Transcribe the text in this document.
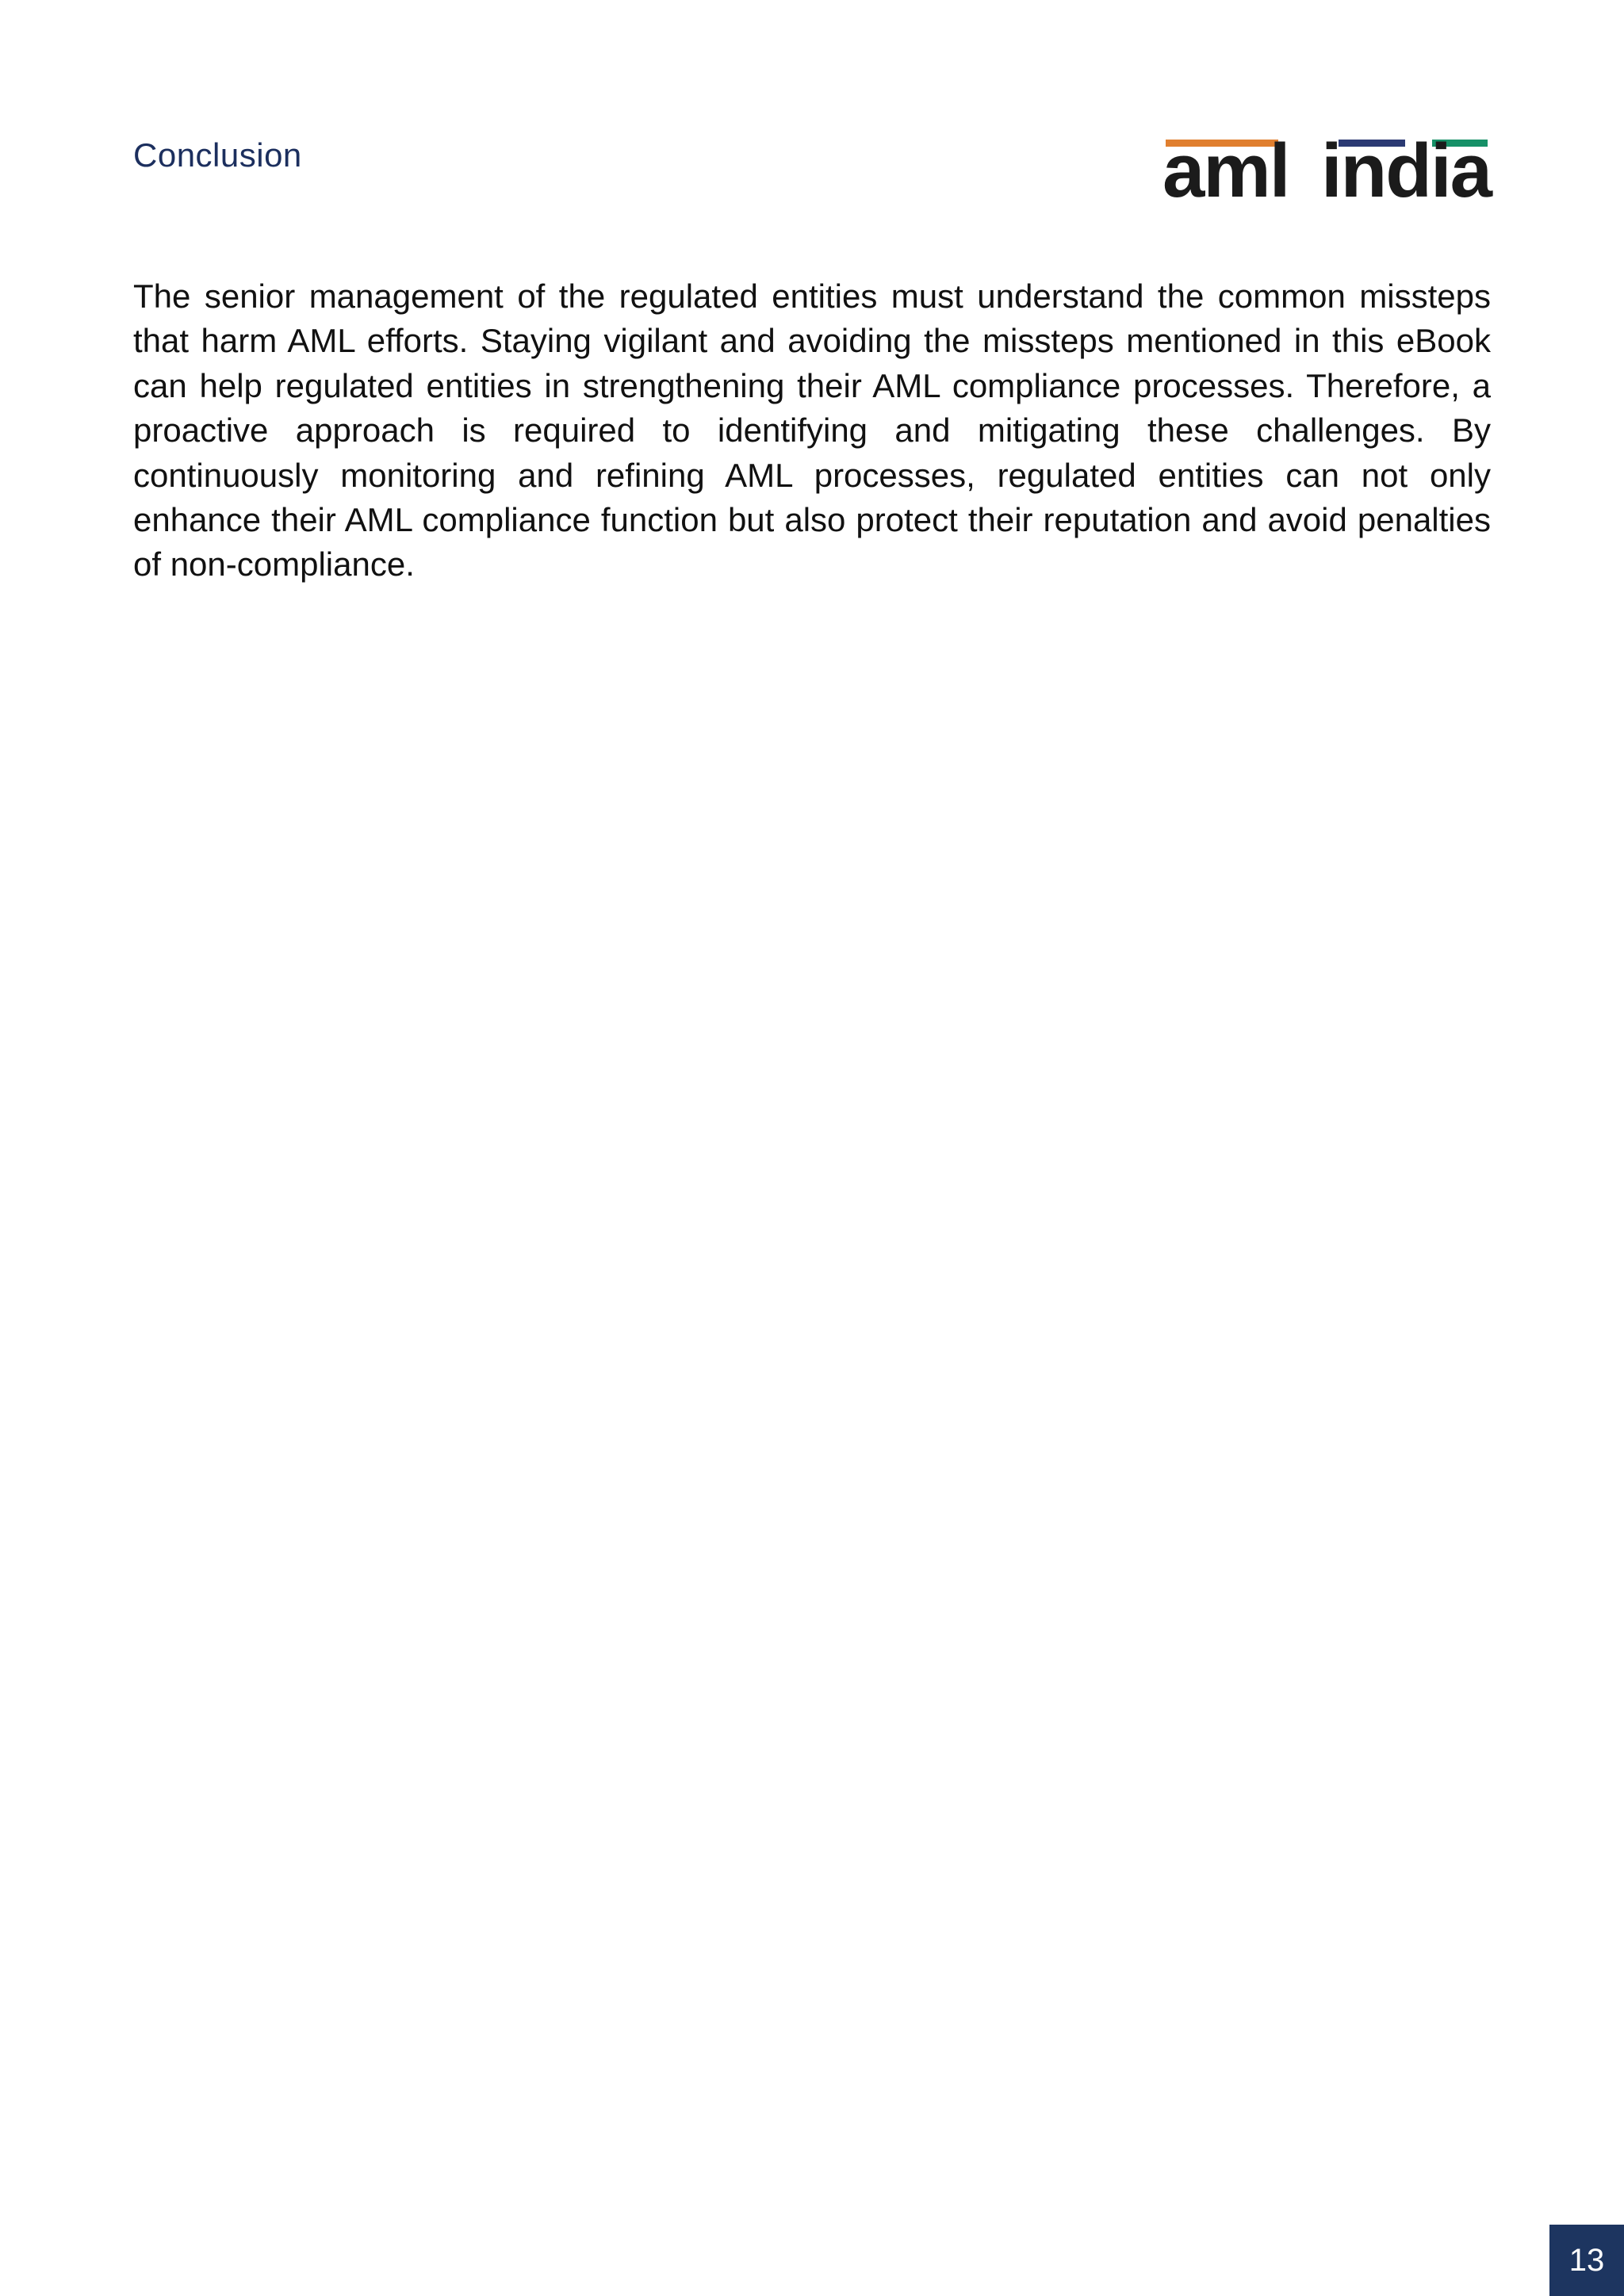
Conclusion	aml india

The senior management of the regulated entities must understand the common missteps that harm AML efforts. Staying vigilant and avoiding the missteps mentioned in this eBook can help regulated entities in strengthening their AML compliance processes. Therefore, a proactive approach is required to identifying and mitigating these challenges. By continuously monitoring and refining AML processes, regulated entities can not only enhance their AML compliance function but also protect their reputation and avoid penalties of non-compliance.

13
